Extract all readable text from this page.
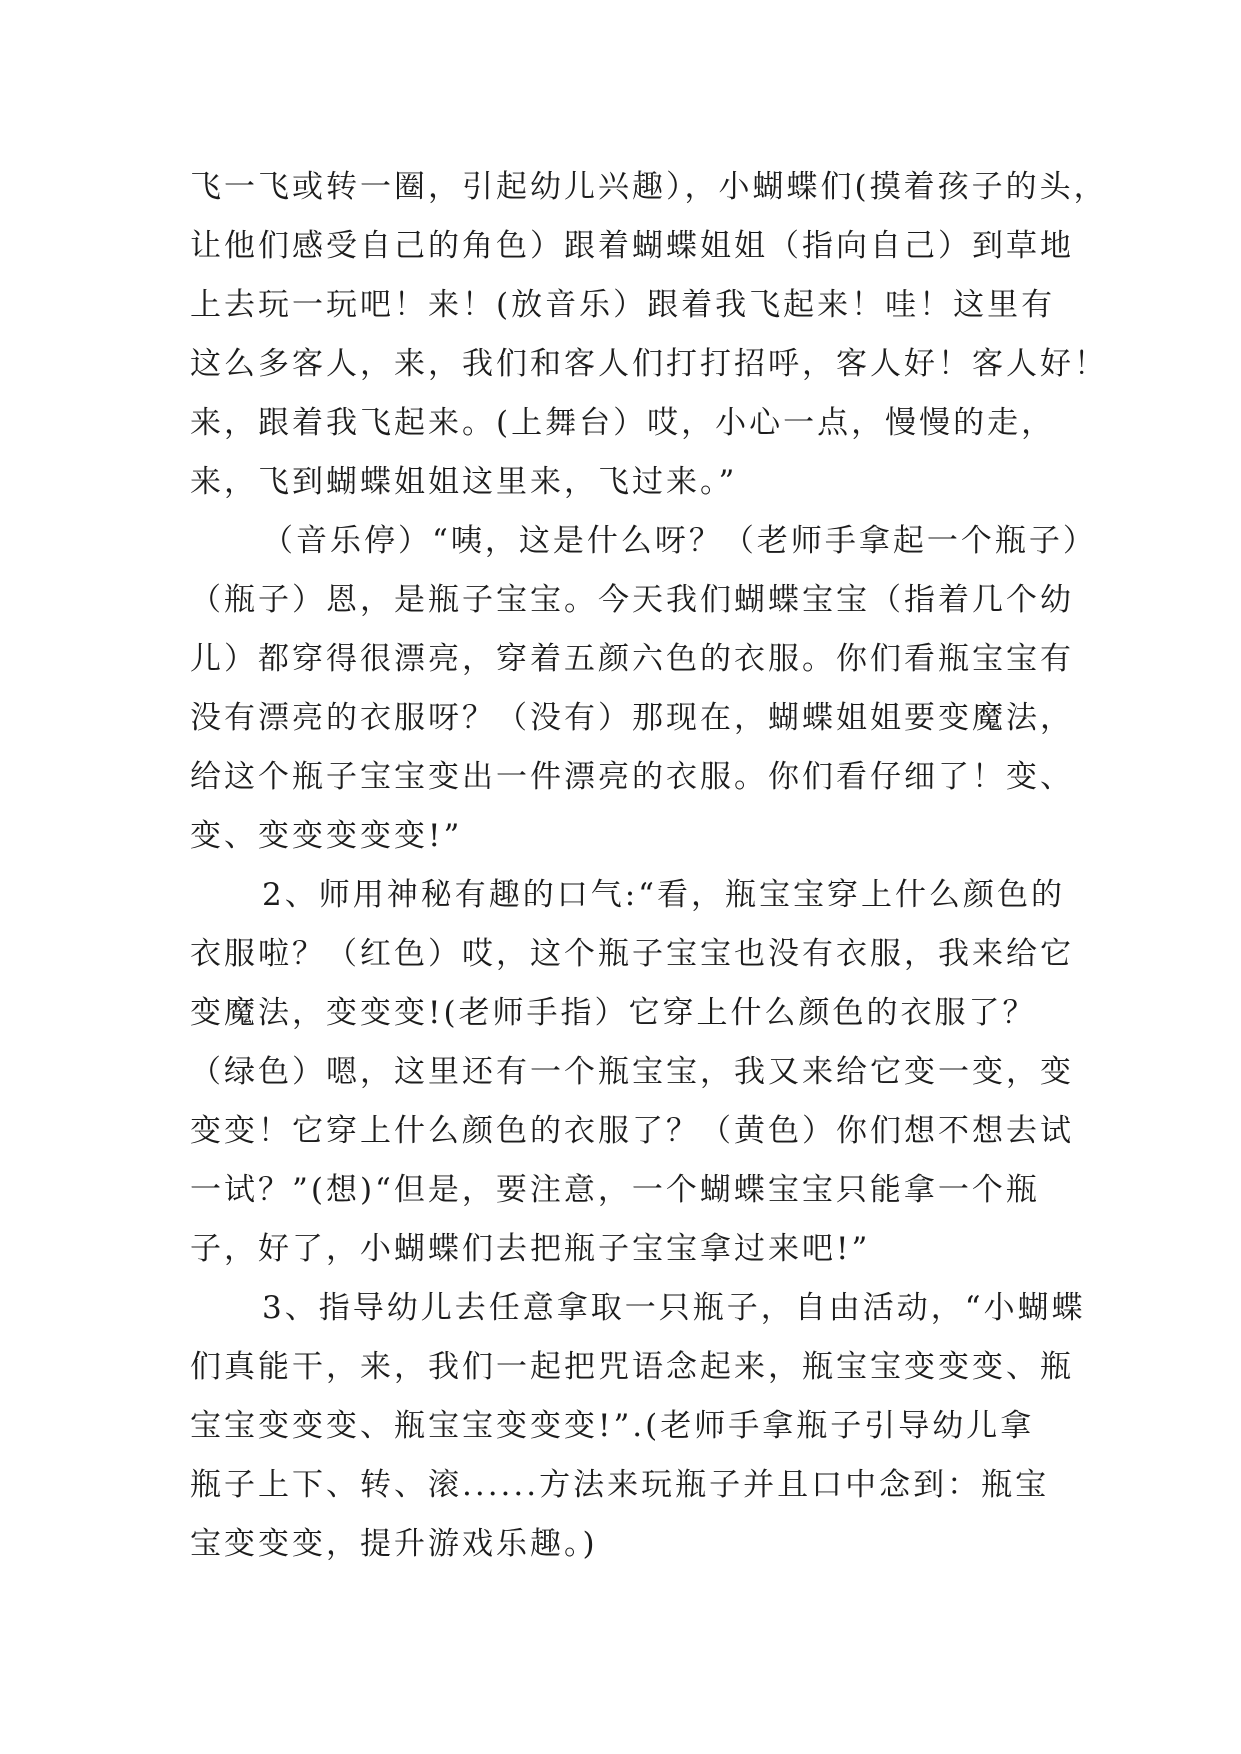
飞一飞或转一圈，引起幼儿兴趣），小蝴蝶们(摸着孩子的头，
让他们感受自己的角色）跟着蝴蝶姐姐（指向自己）到草地
上去玩一玩吧！来！(放音乐）跟着我飞起来！哇！这里有
这么多客人，来，我们和客人们打打招呼，客人好！客人好！
来，跟着我飞起来。(上舞台）哎，小心一点，慢慢的走，
来，飞到蝴蝶姐姐这里来，飞过来。”
（音乐停）“咦，这是什么呀？（老师手拿起一个瓶子）
（瓶子）恩，是瓶子宝宝。今天我们蝴蝶宝宝（指着几个幼
儿）都穿得很漂亮，穿着五颜六色的衣服。你们看瓶宝宝有
没有漂亮的衣服呀？（没有）那现在，蝴蝶姐姐要变魔法，
给这个瓶子宝宝变出一件漂亮的衣服。你们看仔细了！变、
变、变变变变变!”
2、师用神秘有趣的口气:“看，瓶宝宝穿上什么颜色的
衣服啦？（红色）哎，这个瓶子宝宝也没有衣服，我来给它
变魔法，变变变!(老师手指）它穿上什么颜色的衣服了？
（绿色）嗯，这里还有一个瓶宝宝，我又来给它变一变，变
变变！它穿上什么颜色的衣服了？（黄色）你们想不想去试
一试？”(想)“但是，要注意，一个蝴蝶宝宝只能拿一个瓶
子，好了，小蝴蝶们去把瓶子宝宝拿过来吧!”
3、指导幼儿去任意拿取一只瓶子，自由活动，“小蝴蝶
们真能干，来，我们一起把咒语念起来，瓶宝宝变变变、瓶
宝宝变变变、瓶宝宝变变变!”.(老师手拿瓶子引导幼儿拿
瓶子上下、转、滚......方法来玩瓶子并且口中念到：瓶宝
宝变变变，提升游戏乐趣。)
